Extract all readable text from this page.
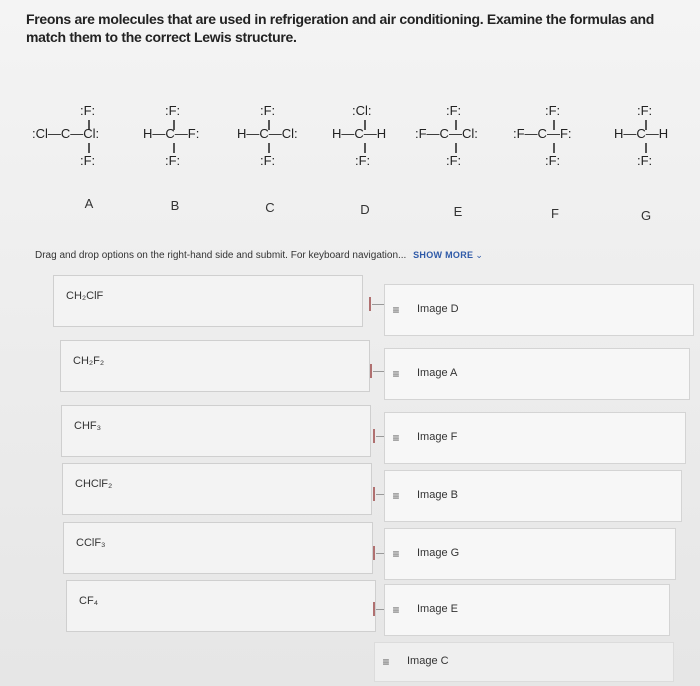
Freons are molecules that are used in refrigeration and air conditioning. Examine the formulas and match them to the correct Lewis structure.
:F:
:Cl—C—Cl:
:F:
:F:
H—C—F:
:F:
:F:
H—C—Cl:
:F:
:Cl:
H—C—H
:F:
:F:
:F—C—Cl:
:F:
:F:
:F—C—F:
:F:
:F:
H—C—H
:F:
A	B	C	D	E	F	G
Drag and drop options on the right-hand side and submit. For keyboard navigation... SHOW MORE ⌄
CH₂ClF
≡	Image D
CH₂F₂
≡	Image A
CHF₃
≡	Image F
CHClF₂
≡	Image B
CClF₃
≡	Image G
CF₄
≡	Image E
≡	Image C
